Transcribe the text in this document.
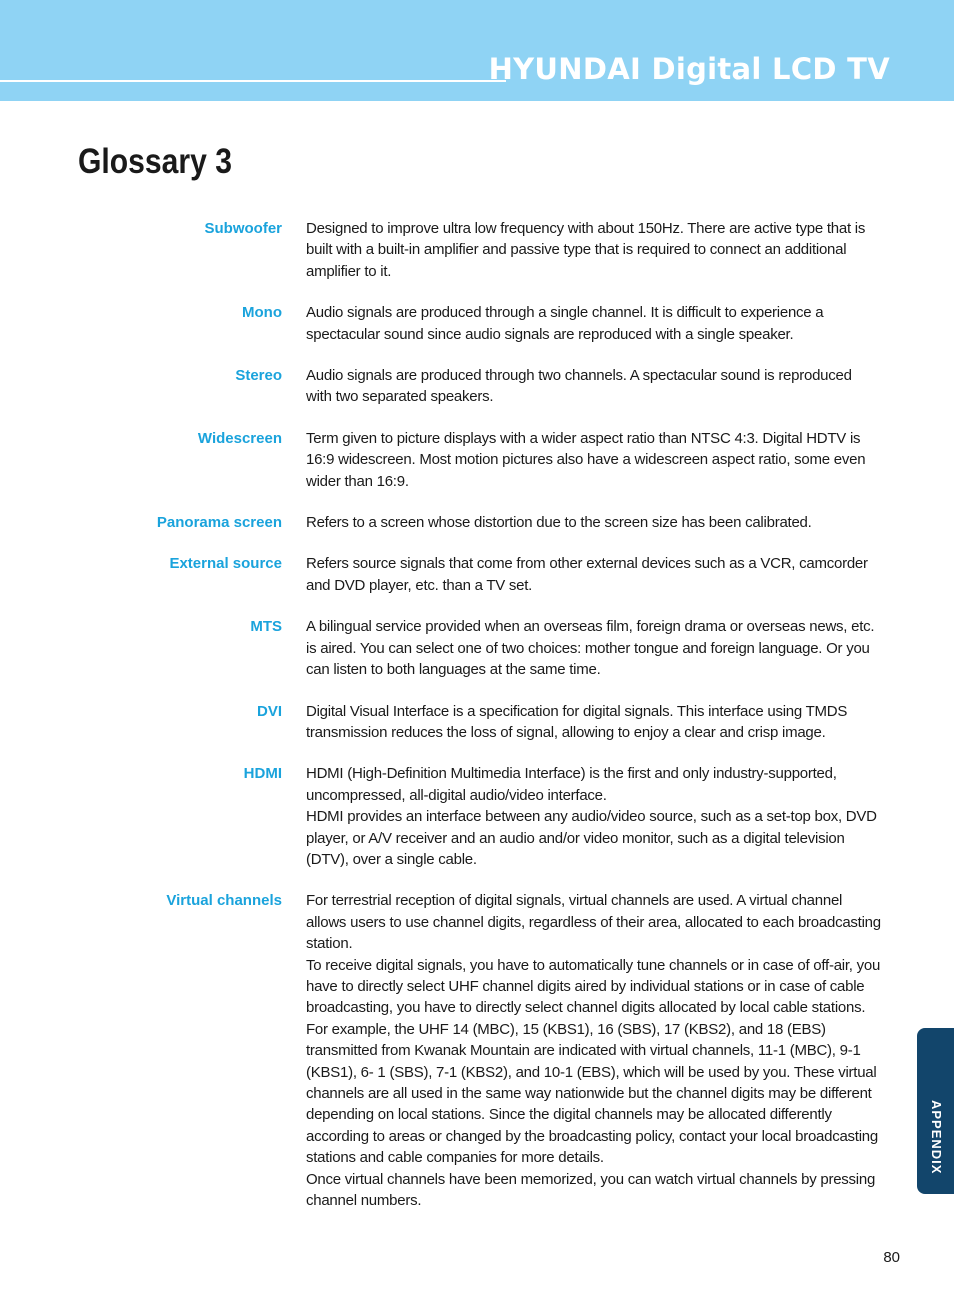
HYUNDAI Digital LCD TV
Glossary 3
Subwoofer Designed to improve ultra low frequency with about 150Hz. There are active type that is built with a built-in amplifier and passive type that is required to connect an additional amplifier to it.

Mono Audio signals are produced through a single channel. It is difficult to experience a spectacular sound since audio signals are reproduced with a single speaker.

Stereo Audio signals are produced through two channels. A spectacular sound is reproduced with two separated speakers.

Widescreen Term given to picture displays with a wider aspect ratio than NTSC 4:3. Digital HDTV is 16:9 widescreen. Most motion pictures also have a widescreen aspect ratio, some even wider than 16:9.

Panorama screen Refers to a screen whose distortion due to the screen size has been calibrated.

External source Refers source signals that come from other external devices such as a VCR, camcorder and DVD player, etc. than a TV set.

MTS A bilingual service provided when an overseas film, foreign drama or overseas news, etc. is aired. You can select one of two choices: mother tongue and foreign language. Or you can listen to both languages at the same time.

DVI Digital Visual Interface is a specification for digital signals. This interface using TMDS transmission reduces the loss of signal, allowing to enjoy a clear and crisp image.

HDMI HDMI (High-Definition Multimedia Interface) is the first and only industry-supported, uncompressed, all-digital audio/video interface.

HDMI provides an interface between any audio/video source, such as a set-top box, DVD player, or A/V receiver and an audio and/or video monitor, such as a digital television (DTV), over a single cable.

Virtual channels For terrestrial reception of digital signals, virtual channels are used. A virtual channel allows users to use channel digits, regardless of their area, allocated to each broadcasting station.

To receive digital signals, you have to automatically tune channels or in case of off-air, you have to directly select UHF channel digits aired by individual stations or in case of cable broadcasting, you have to directly select channel digits allocated by local cable stations. For example, the UHF 14 (MBC), 15 (KBS1), 16 (SBS), 17 (KBS2), and 18 (EBS) transmitted from Kwanak Mountain are indicated with virtual channels, 11-1 (MBC), 9-1 (KBS1), 6- 1 (SBS), 7-1 (KBS2), and 10-1 (EBS), which will be used by you. These virtual channels are all used in the same way nationwide but the channel digits may be different depending on local stations. Since the digital channels may be allocated differently according to areas or changed by the broadcasting policy, contact your local broadcasting stations and cable companies for more details.

Once virtual channels have been memorized, you can watch virtual channels by pressing channel numbers.

80
